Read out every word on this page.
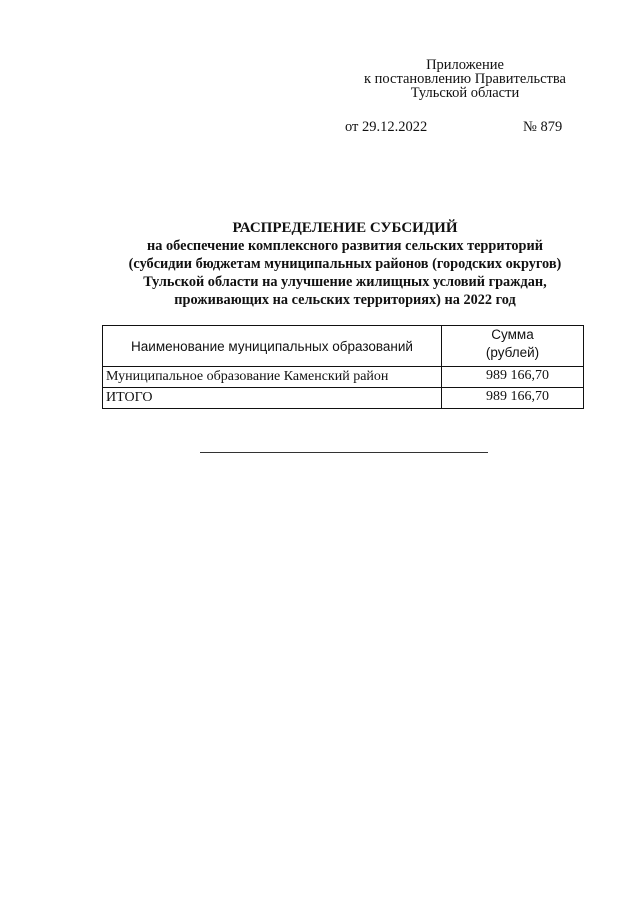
Приложение
к постановлению Правительства
Тульской области
от 29.12.2022	№ 879
РАСПРЕДЕЛЕНИЕ СУБСИДИЙ
на обеспечение комплексного развития сельских территорий
(субсидии бюджетам муниципальных районов (городских округов)
Тульской области на улучшение жилищных условий граждан,
проживающих на сельских территориях) на 2022 год
Наименование муниципальных образований	Сумма
(рублей)

Муниципальное образование Каменский район	989 166,70
ИТОГО	989 166,70
